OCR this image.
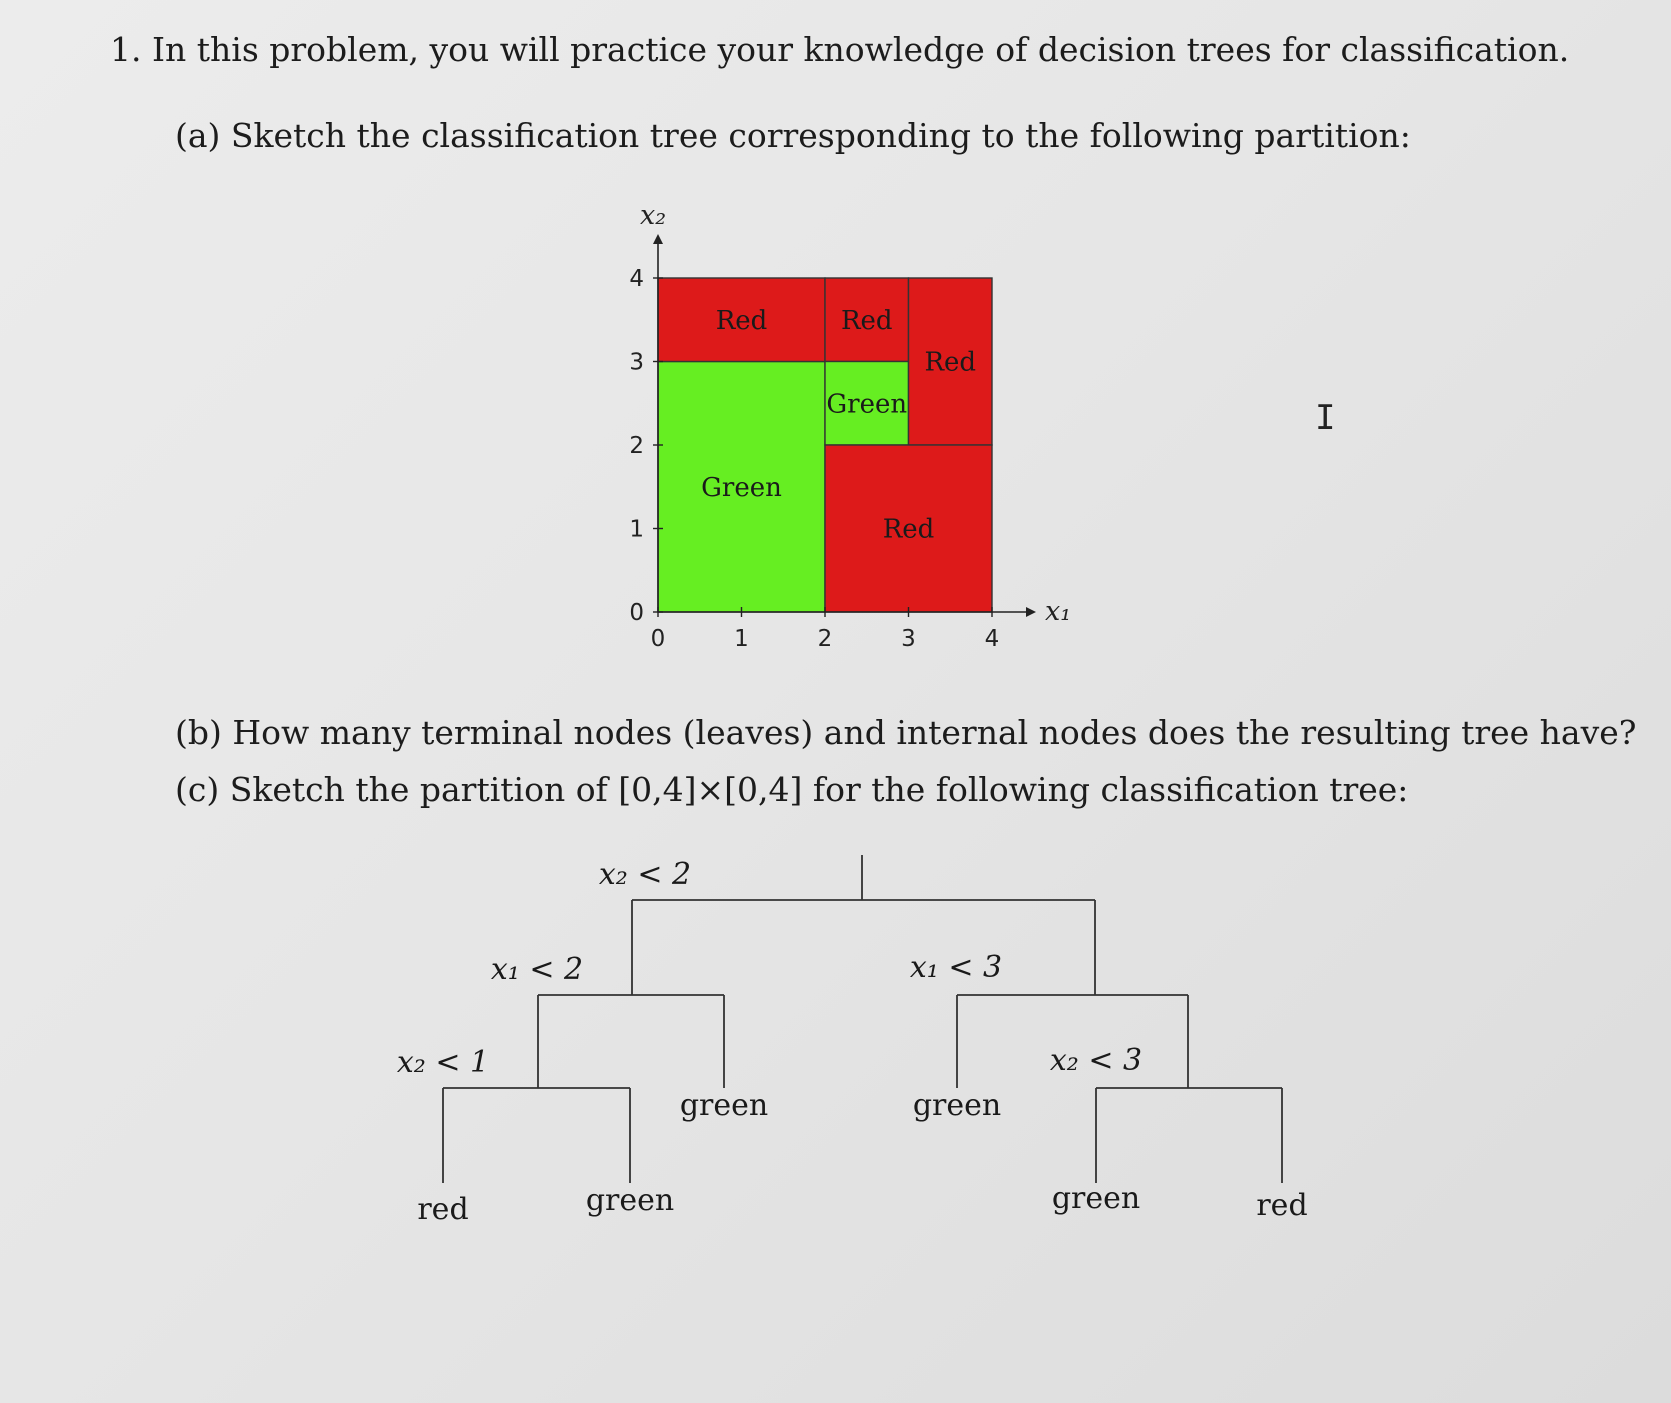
1. In this problem, you will practice your knowledge of decision trees for classification.
(a) Sketch the classification tree corresponding to the following partition:
(b) How many terminal nodes (leaves) and internal nodes does the resulting tree have?
(c) Sketch the partition of [0,4]×[0,4] for the following classification tree:
I
Green
Red	Red
Green
Red
Red
0	1	2	3	4
0
1
2
3
4
x₂
x₁
x₂ < 2
x₁ < 2
x₂ < 1
x₁ < 3
x₂ < 3
red	green
green	green
green	red
